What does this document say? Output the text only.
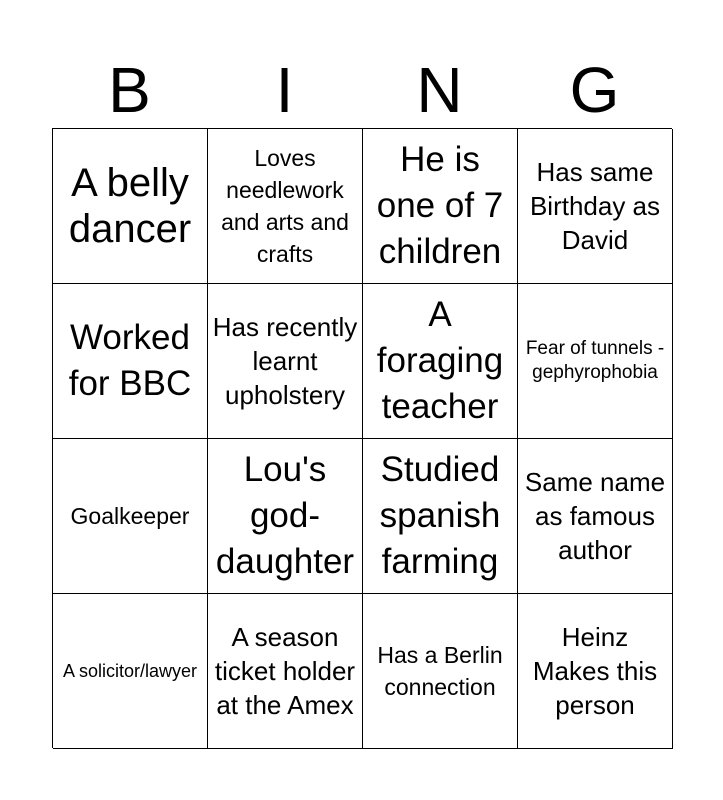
B	I	N	G
A belly dancer
Loves needlework and arts and crafts
He is one of 7 children
Has same Birthday as David
Worked for BBC
Has recently learnt upholstery
A foraging teacher
Fear of tunnels - gephyrophobia
Goalkeeper
Lou's god-daughter
Studied spanish farming
Same name as famous author
A solicitor/lawyer
A season ticket holder at the Amex
Has a Berlin connection
Heinz Makes this person
